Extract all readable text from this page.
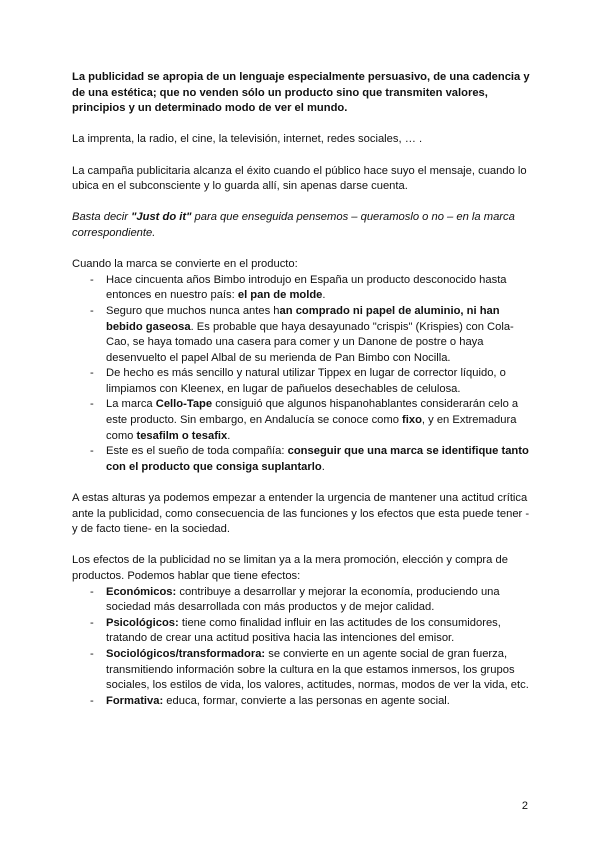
La publicidad se apropia de un lenguaje especialmente persuasivo, de una cadencia y de una estética; que no venden sólo un producto sino que transmiten valores, principios y un determinado modo de ver el mundo.

La imprenta, la radio, el cine, la televisión, internet, redes sociales, … .

La campaña publicitaria alcanza el éxito cuando el público hace suyo el mensaje, cuando lo ubica en el subconsciente y lo guarda allí, sin apenas darse cuenta.

Basta decir "Just do it" para que enseguida pensemos – queramoslo o no – en la marca correspondiente.

Cuando la marca se convierte en el producto:

- Hace cincuenta años Bimbo introdujo en España un producto desconocido hasta entonces en nuestro país: el pan de molde.
- Seguro que muchos nunca antes han comprado ni papel de aluminio, ni han bebido gaseosa. Es probable que haya desayunado "crispis" (Krispies) con Cola-Cao, se haya tomado una casera para comer y un Danone de postre o haya desenvuelto el papel Albal de su merienda de Pan Bimbo con Nocilla.
- De hecho es más sencillo y natural utilizar Tippex en lugar de corrector líquido, o limpiamos con Kleenex, en lugar de pañuelos desechables de celulosa.
- La marca Cello-Tape consiguió que algunos hispanohablantes considerarán celo a este producto. Sin embargo, en Andalucía se conoce como fixo, y en Extremadura como tesafilm o tesafix.
- Este es el sueño de toda compañía: conseguir que una marca se identifique tanto con el producto que consiga suplantarlo.

A estas alturas ya podemos empezar a entender la urgencia de mantener una actitud crítica ante la publicidad, como consecuencia de las funciones y los efectos que esta puede tener -y de facto tiene- en la sociedad.

Los efectos de la publicidad no se limitan ya a la mera promoción, elección y compra de productos. Podemos hablar que tiene efectos:

- Económicos: contribuye a desarrollar y mejorar la economía, produciendo una sociedad más desarrollada con más productos y de mejor calidad.
- Psicológicos: tiene como finalidad influir en las actitudes de los consumidores, tratando de crear una actitud positiva hacia las intenciones del emisor.
- Sociológicos/transformadora: se convierte en un agente social de gran fuerza, transmitiendo información sobre la cultura en la que estamos inmersos, los grupos sociales, los estilos de vida, los valores, actitudes, normas, modos de ver la vida, etc.
- Formativa: educa, formar, convierte a las personas en agente social.
2
